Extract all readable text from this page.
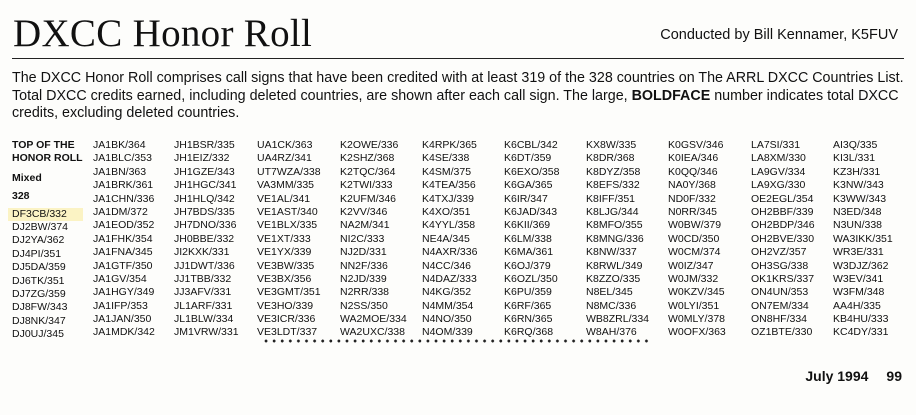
DXCC Honor Roll	Conducted by Bill Kennamer, K5FUV
The DXCC Honor Roll comprises call signs that have been credited with at least 319 of the 328 countries on The ARRL DXCC Countries List. Total DXCC credits earned, including deleted countries, are shown after each call sign. The large, BOLDFACE number indicates total DXCC credits, excluding deleted countries.
TOP OF THE
HONOR ROLL
Mixed
328
DF3CB/332
DJ2BW/374
DJ2YA/362
DJ4PI/351
DJ5DA/359
DJ6TK/351
DJ7ZG/359
DJ8FW/343
DJ8NK/347
DJ0UJ/345
JA1BK/364
JA1BLC/353
JA1BN/363
JA1BRK/361
JA1CHN/336
JA1DM/372
JA1EOD/352
JA1FHK/354
JA1FNA/345
JA1GTF/350
JA1GV/354
JA1HGY/349
JA1IFP/353
JA1JAN/350
JA1MDK/342
JH1BSR/335
JH1EIZ/332
JH1GZE/343
JH1HGC/341
JH1HLQ/342
JH7BDS/335
JH7DNO/336
JH0BBE/332
JI2KXK/331
JJ1DWT/336
JJ1TBB/332
JJ3AFV/331
JL1ARF/331
JL1BLW/334
JM1VRW/331
UA1CK/363
UA4RZ/341
UT7WZA/338
VA3MM/335
VE1AL/341
VE1AST/340
VE1BLX/335
VE1XT/333
VE1YX/339
VE3BW/335
VE3BX/356
VE3GMT/351
VE3HO/339
VE3ICR/336
VE3LDT/337
K2OWE/336
K2SHZ/368
K2TQC/364
K2TWI/333
K2UFM/346
K2VV/346
NA2M/341
NI2C/333
NJ2D/331
NN2F/336
N2JD/339
N2RR/338
N2SS/350
WA2MOE/334
WA2UXC/338
K4RPK/365
K4SE/338
K4SM/375
K4TEA/356
K4TXJ/339
K4XO/351
K4YYL/358
NE4A/345
N4AXR/336
N4CC/346
N4DAZ/333
N4KG/352
N4MM/354
N4NO/350
N4OM/339
K6CBL/342
K6DT/359
K6EXO/358
K6GA/365
K6IR/347
K6JAD/343
K6KII/369
K6LM/338
K6MA/361
K6OJ/379
K6OZL/350
K6PU/359
K6RF/365
K6RN/365
K6RQ/368
KX8W/335
K8DR/368
K8DYZ/358
K8EFS/332
K8IFF/351
K8LJG/344
K8MFO/355
K8MNG/336
K8NW/337
K8RWL/349
K8ZZO/335
N8EL/345
N8MC/336
WB8ZRL/334
W8AH/376
K0GSV/346
K0IEA/346
K0QQ/346
NA0Y/368
ND0F/332
N0RR/345
W0BW/379
W0CD/350
W0CM/374
W0IZ/347
W0JM/332
W0KZV/345
W0LYI/351
W0MLY/378
W0OFX/363
LA7SI/331
LA8XM/330
LA9GV/334
LA9XG/330
OE2EGL/354
OH2BBF/339
OH2BDP/346
OH2BVE/330
OH2VZ/357
OH3SG/338
OK1KRS/337
ON4UN/353
ON7EM/334
ON8HF/334
OZ1BTE/330
AI3Q/335
KI3L/331
KZ3H/331
K3NW/343
K3WW/343
N3ED/348
N3UN/338
WA3IKK/351
WR3E/331
W3DJZ/362
W3EV/341
W3FM/348
AA4H/335
KB4HU/333
KC4DY/331
July 1994 99
